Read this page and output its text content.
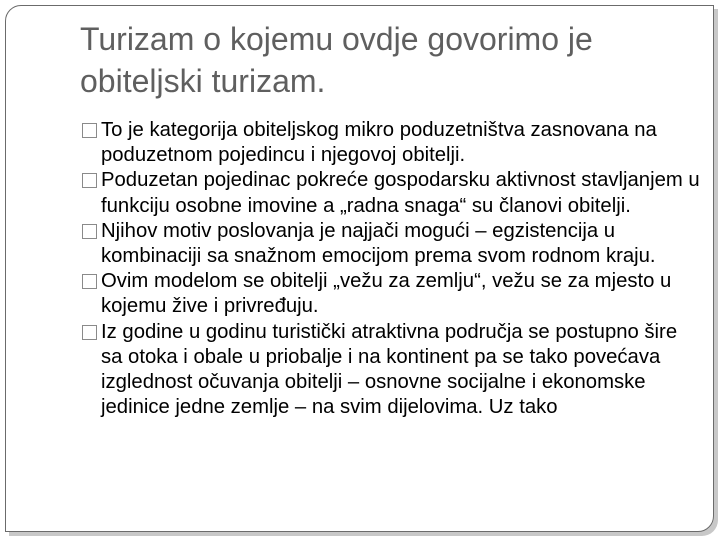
Turizam o kojemu ovdje govorimo je obiteljski turizam.
To je kategorija obiteljskog mikro poduzetništva zasnovana na poduzetnom pojedincu i njegovoj obitelji.
Poduzetan pojedinac pokreće gospodarsku aktivnost stavljanjem u funkciju osobne imovine a „radna snaga“ su članovi obitelji.
Njihov motiv poslovanja je najjači mogući – egzistencija u kombinaciji sa snažnom emocijom prema svom rodnom kraju.
Ovim modelom se obitelji „vežu za zemlju“, vežu se za mjesto u kojemu žive i privređuju.
Iz godine u godinu turistički atraktivna područja se postupno šire sa otoka i obale u priobalje i na kontinent pa se tako povećava izglednost očuvanja obitelji – osnovne socijalne i ekonomske jedinice jedne zemlje – na svim dijelovima. Uz tako
